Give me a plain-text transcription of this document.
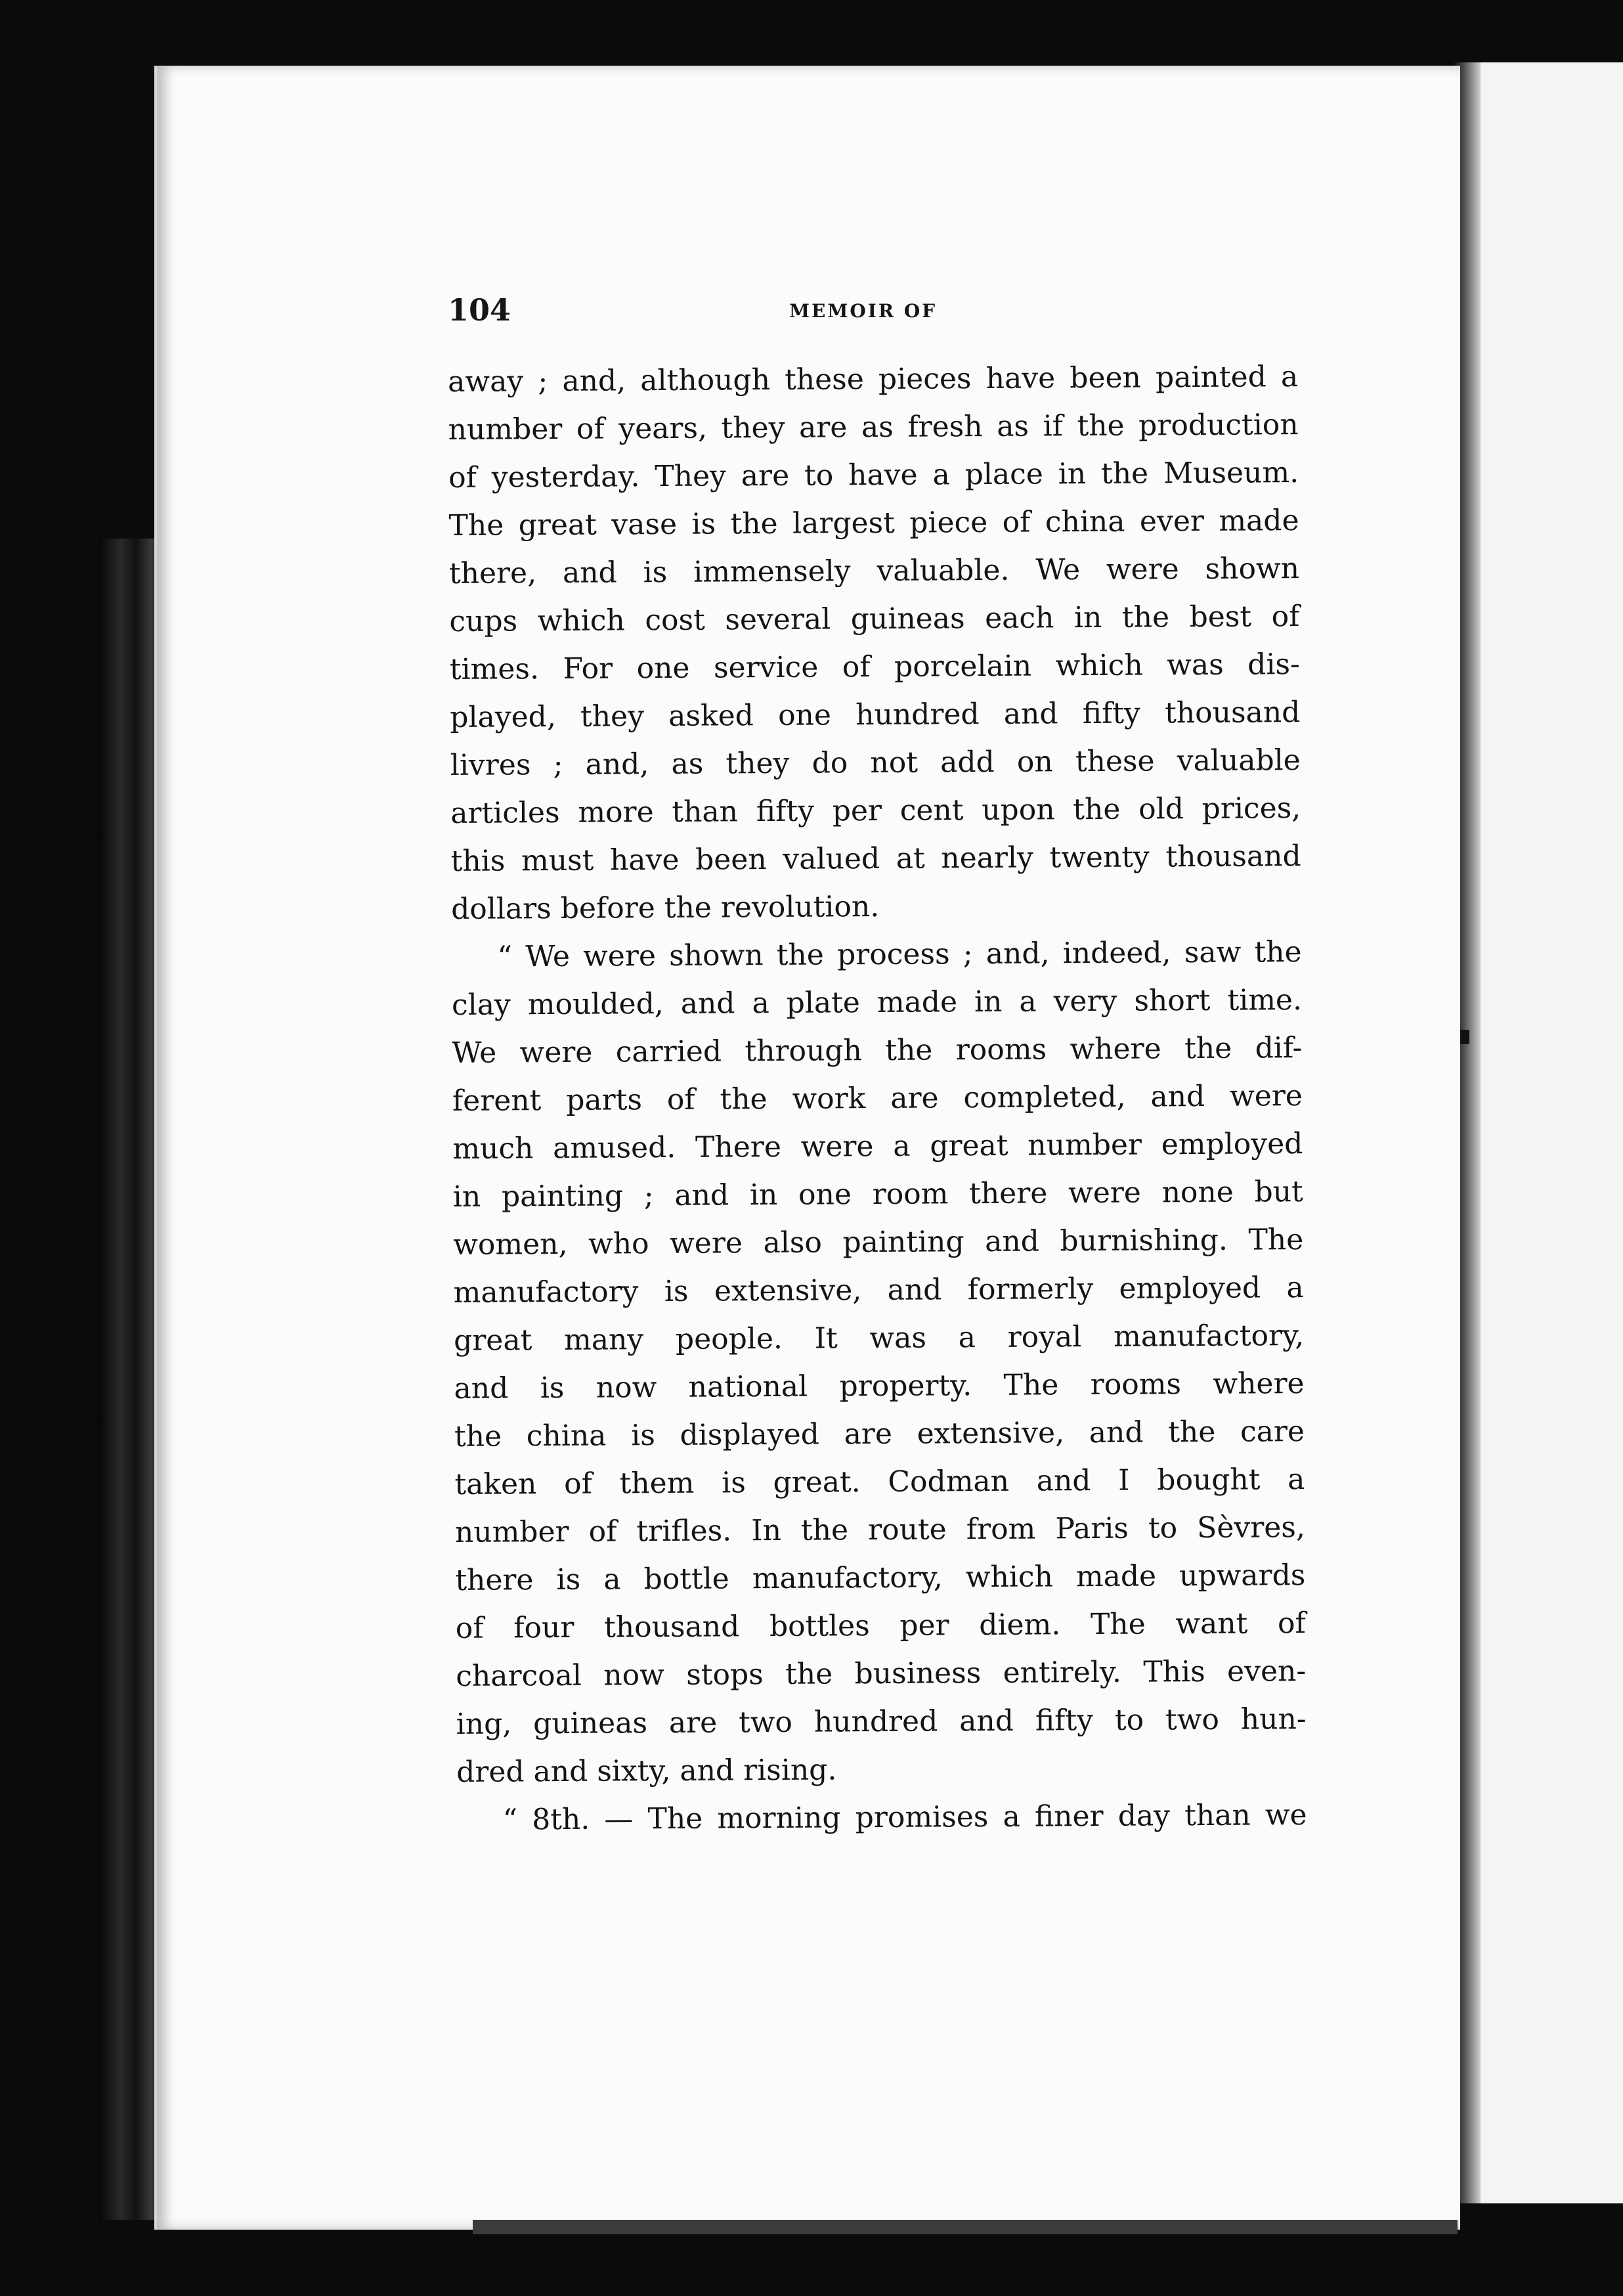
104	MEMOIR OF
away ; and, although these pieces have been painted a
number of years, they are as fresh as if the production
of yesterday. They are to have a place in the Museum.
The great vase is the largest piece of china ever made
there, and is immensely valuable. We were shown
cups which cost several guineas each in the best of
times. For one service of porcelain which was dis-
played, they asked one hundred and fifty thousand
livres ; and, as they do not add on these valuable
articles more than fifty per cent upon the old prices,
this must have been valued at nearly twenty thousand
dollars before the revolution.
“ We were shown the process ; and, indeed, saw the
clay moulded, and a plate made in a very short time.
We were carried through the rooms where the dif-
ferent parts of the work are completed, and were
much amused. There were a great number employed
in painting ; and in one room there were none but
women, who were also painting and burnishing. The
manufactory is extensive, and formerly employed a
great many people. It was a royal manufactory,
and is now national property. The rooms where
the china is displayed are extensive, and the care
taken of them is great. Codman and I bought a
number of trifles. In the route from Paris to Sèvres,
there is a bottle manufactory, which made upwards
of four thousand bottles per diem. The want of
charcoal now stops the business entirely. This even-
ing, guineas are two hundred and fifty to two hun-
dred and sixty, and rising.
“ 8th. — The morning promises a finer day than we
